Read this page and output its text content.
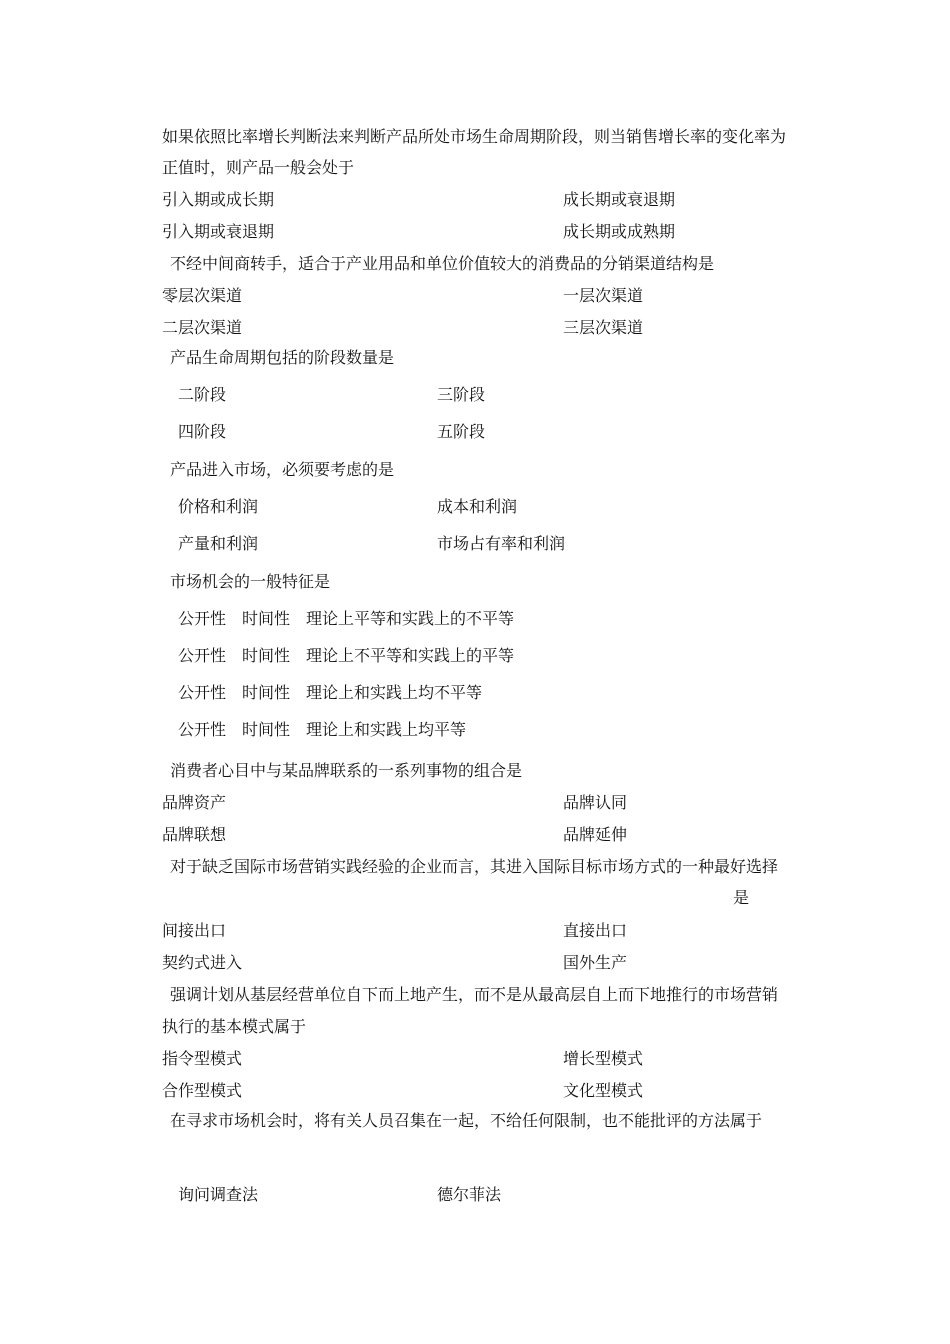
如果依照比率增长判断法来判断产品所处市场生命周期阶段，则当销售增长率的变化率为
正值时，则产品一般会处于
引入期或成长期	成长期或衰退期
引入期或衰退期	成长期或成熟期
不经中间商转手，适合于产业用品和单位价值较大的消费品的分销渠道结构是
零层次渠道	一层次渠道
二层次渠道	三层次渠道
产品生命周期包括的阶段数量是
二阶段	三阶段
四阶段	五阶段
产品进入市场，必须要考虑的是
价格和利润	成本和利润
产量和利润	市场占有率和利润
市场机会的一般特征是
公开性　时间性　理论上平等和实践上的不平等
公开性　时间性　理论上不平等和实践上的平等
公开性　时间性　理论上和实践上均不平等
公开性　时间性　理论上和实践上均平等
消费者心目中与某品牌联系的一系列事物的组合是
品牌资产	品牌认同
品牌联想	品牌延伸
对于缺乏国际市场营销实践经验的企业而言，其进入国际目标市场方式的一种最好选择
是
间接出口	直接出口
契约式进入	国外生产
强调计划从基层经营单位自下而上地产生，而不是从最高层自上而下地推行的市场营销
执行的基本模式属于
指令型模式	增长型模式
合作型模式	文化型模式
在寻求市场机会时，将有关人员召集在一起，不给任何限制，也不能批评的方法属于
询问调查法	德尔菲法
